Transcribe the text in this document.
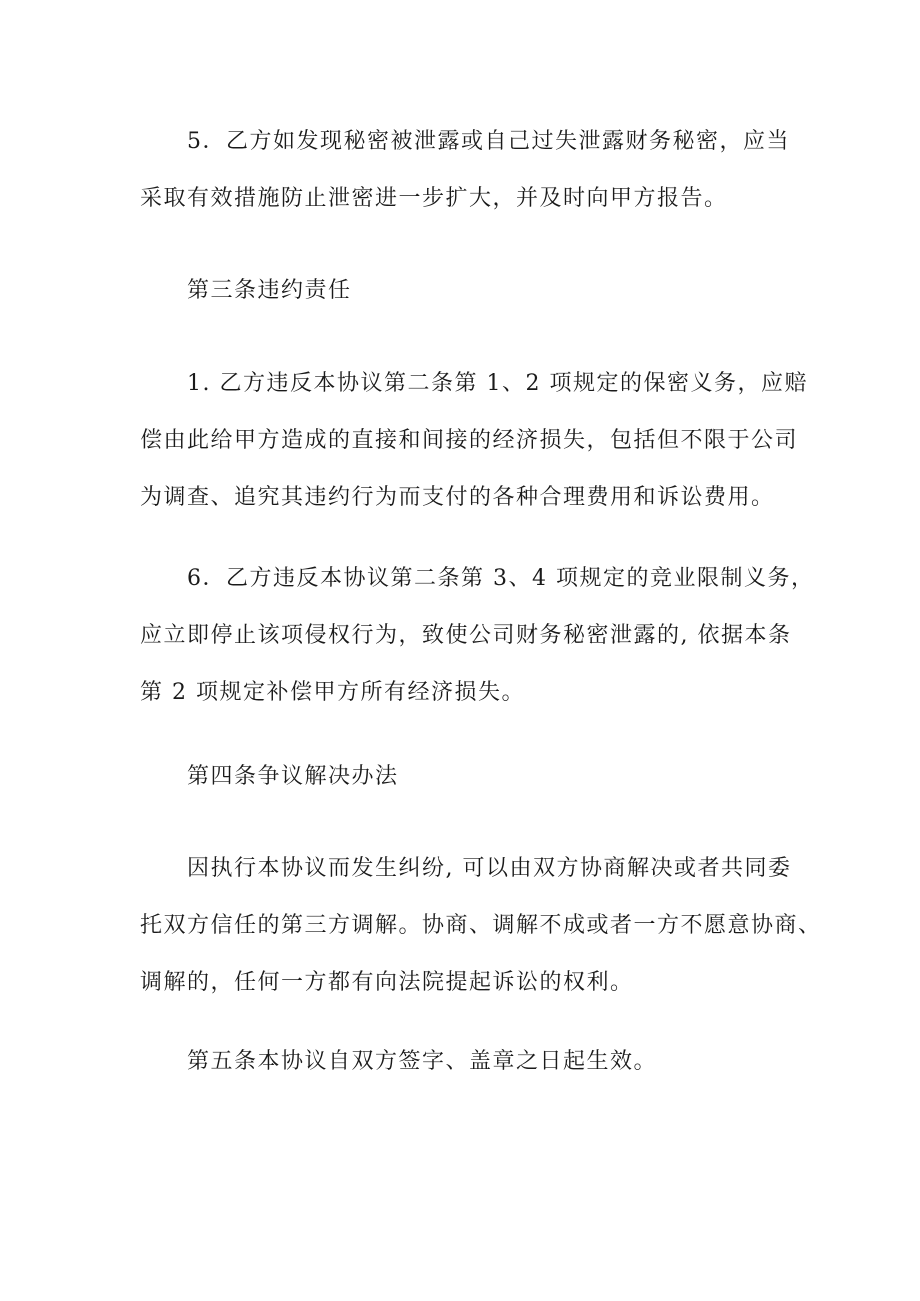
5．乙方如发现秘密被泄露或自己过失泄露财务秘密，应当
采取有效措施防止泄密进一步扩大，并及时向甲方报告。
第三条违约责任
1. 乙方违反本协议第二条第 1、2 项规定的保密义务，应赔
偿由此给甲方造成的直接和间接的经济损失，包括但不限于公司
为调查、追究其违约行为而支付的各种合理费用和诉讼费用。
6．乙方违反本协议第二条第 3、4 项规定的竞业限制义务，
应立即停止该项侵权行为，致使公司财务秘密泄露的, 依据本条
第 2 项规定补偿甲方所有经济损失。
第四条争议解决办法
因执行本协议而发生纠纷, 可以由双方协商解决或者共同委
托双方信任的第三方调解。协商、调解不成或者一方不愿意协商、
调解的，任何一方都有向法院提起诉讼的权利。
第五条本协议自双方签字、盖章之日起生效。
